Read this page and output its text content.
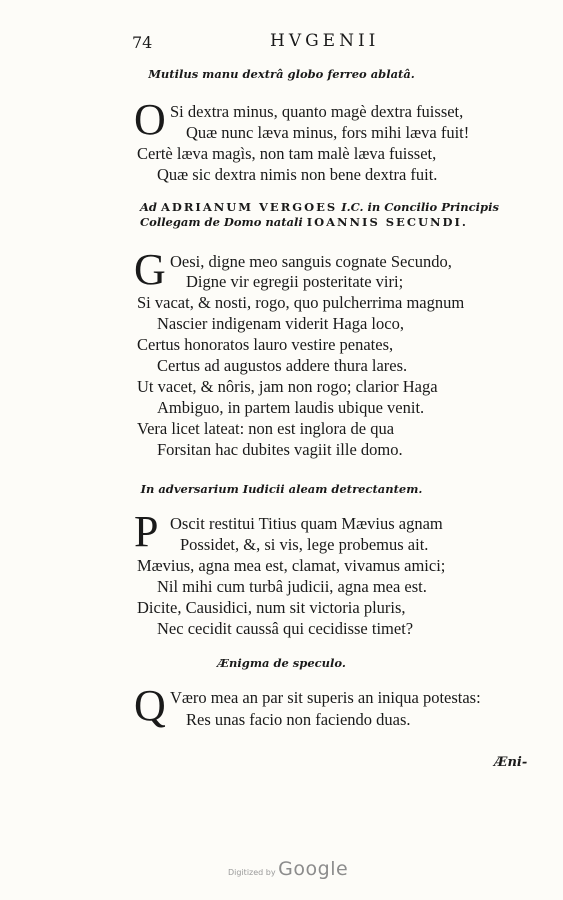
74	HVGENII
Mutilus manu dextrâ globo ferreo ablatâ.
O Si dextra minus, quanto magè dextra fuisset,
Quæ nunc læva minus, fors mihi læva fuit!
Certè læva magìs, non tam malè læva fuisset,
Quæ sic dextra nimis non bene dextra fuit.
Ad ADRIANUM VERGOES I.C. in Concilio Principis Collegam de Domo natali IOANNIS SECUNDI.
G Oesi, digne meo sanguis cognate Secundo,
Digne vir egregii posteritate viri;
Si vacat, & nosti, rogo, quo pulcherrima magnum
Nascier indigenam viderit Haga loco,
Certus honoratos lauro vestire penates,
Certus ad augustos addere thura lares.
Ut vacet, & nôris, jam non rogo; clarior Haga
Ambiguo, in partem laudis ubique venit.
Vera licet lateat: non est inglora de qua
Forsitan hac dubites vagiit ille domo.
In adversarium Iudicii aleam detrectantem.
P Oscit restitui Titius quam Mævius agnam
Possidet, &, si vis, lege probemus ait.
Mævius, agna mea est, clamat, vivamus amici;
Nil mihi cum turbâ judicii, agna mea est.
Dicite, Causidici, num sit victoria pluris,
Nec cecidit caussâ qui cecidisse timet?
Ænigma de speculo.
Q Væro mea an par sit superis an iniqua potestas:
Res unas facio non faciendo duas.
Æni-
Digitized by Google
